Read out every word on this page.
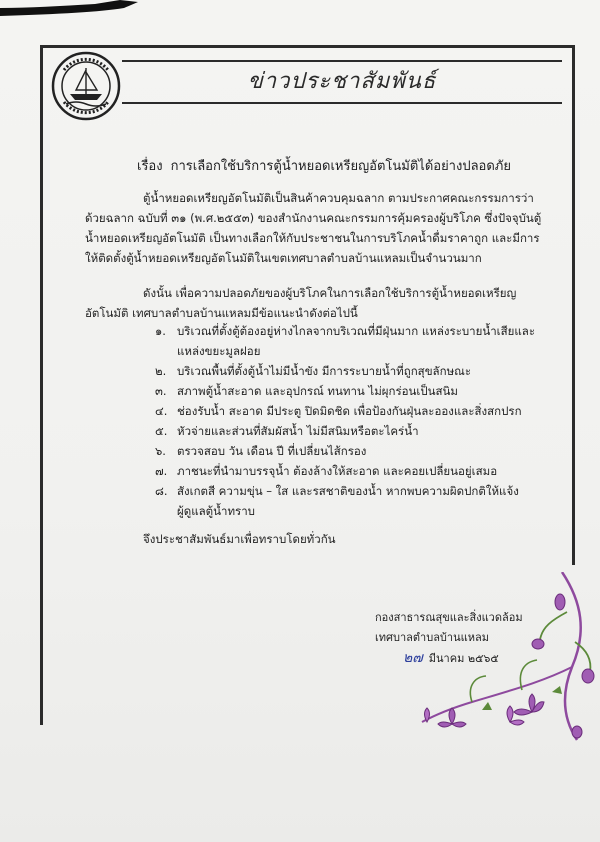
ข่าวประชาสัมพันธ์
เรื่อง การเลือกใช้บริการตู้น้ำหยอดเหรียญอัตโนมัติได้อย่างปลอดภัย
ตู้น้ำหยอดเหรียญอัตโนมัติเป็นสินค้าควบคุมฉลาก ตามประกาศคณะกรรมการว่าด้วยฉลาก ฉบับที่ ๓๑ (พ.ศ.๒๕๕๓) ของสำนักงานคณะกรรมการคุ้มครองผู้บริโภค ซึ่งปัจจุบันตู้น้ำหยอดเหรียญอัตโนมัติ เป็นทางเลือกให้กับประชาชนในการบริโภคน้ำดื่มราคาถูก และมีการให้ติดตั้งตู้น้ำหยอดเหรียญอัตโนมัติในเขตเทศบาลตำบลบ้านแหลมเป็นจำนวนมาก
ดังนั้น เพื่อความปลอดภัยของผู้บริโภคในการเลือกใช้บริการตู้น้ำหยอดเหรียญอัตโนมัติ เทศบาลตำบลบ้านแหลมมีข้อแนะนำดังต่อไปนี้
๑. บริเวณที่ตั้งตู้ต้องอยู่ห่างไกลจากบริเวณที่มีฝุ่นมาก แหล่งระบายน้ำเสียและ
แหล่งขยะมูลฝอย
๒. บริเวณพื้นที่ตั้งตู้น้ำไม่มีน้ำขัง มีการระบายน้ำที่ถูกสุขลักษณะ
๓. สภาพตู้น้ำสะอาด และอุปกรณ์ ทนทาน ไม่ผุกร่อนเป็นสนิม
๔. ช่องรับน้ำ สะอาด มีประตู ปิดมิดชิด เพื่อป้องกันฝุ่นละอองและสิ่งสกปรก
๕. หัวจ่ายและส่วนที่สัมผัสน้ำ ไม่มีสนิมหรือตะไคร่น้ำ
๖. ตรวจสอบ วัน เดือน ปี ที่เปลี่ยนไส้กรอง
๗. ภาชนะที่นำมาบรรจุน้ำ ต้องล้างให้สะอาด และคอยเปลี่ยนอยู่เสมอ
๘. สังเกตสี ความขุ่น – ใส และรสชาติของน้ำ หากพบความผิดปกติให้แจ้ง
ผู้ดูแลตู้น้ำทราบ
จึงประชาสัมพันธ์มาเพื่อทราบโดยทั่วกัน
กองสาธารณสุขและสิ่งแวดล้อม
เทศบาลตำบลบ้านแหลม
๒๗ มีนาคม ๒๕๖๕
